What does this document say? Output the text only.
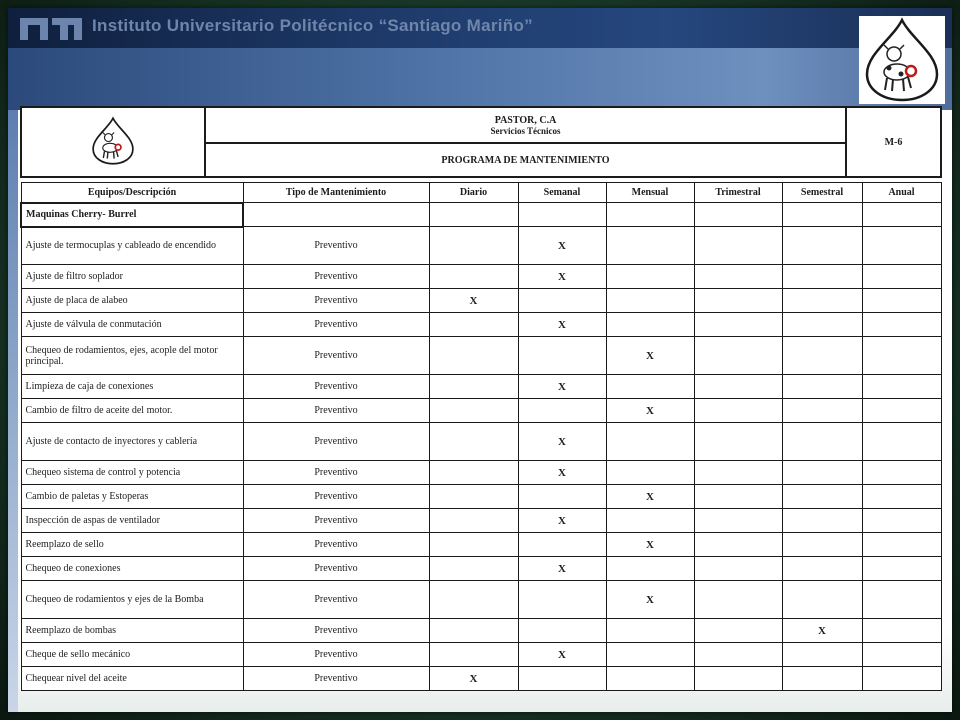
Instituto Universitario Politécnico “Santiago Mariño”

PASTOR, C.A
Servicios Técnicos
	M-6
PROGRAMA DE MANTENIMIENTO
Equipos/Descripción	Tipo de Mantenimiento	Diario	Semanal	Mensual	Trimestral	Semestral	Anual
Maquinas Cherry- Burrel							
Ajuste de termocuplas y cableado de encendido	Preventivo		X				
Ajuste de filtro soplador	Preventivo		X				
Ajuste de placa de alabeo	Preventivo	X					
Ajuste de válvula de conmutación	Preventivo		X				
Chequeo de rodamientos, ejes, acople del motor principal.	Preventivo			X			
Limpieza de caja de conexiones	Preventivo		X				
Cambio de filtro de aceite del motor.	Preventivo			X			
Ajuste de contacto de inyectores y cablería	Preventivo		X				
Chequeo sistema de control y potencia	Preventivo		X				
Cambio de paletas y Estoperas	Preventivo			X			
Inspección de aspas de ventilador	Preventivo		X				
Reemplazo de sello	Preventivo			X			
Chequeo de conexiones	Preventivo		X				
Chequeo de rodamientos y ejes de la Bomba	Preventivo			X			
Reemplazo de bombas	Preventivo					X	
Cheque de sello mecánico	Preventivo		X				
Chequear nivel del aceite	Preventivo	X					
